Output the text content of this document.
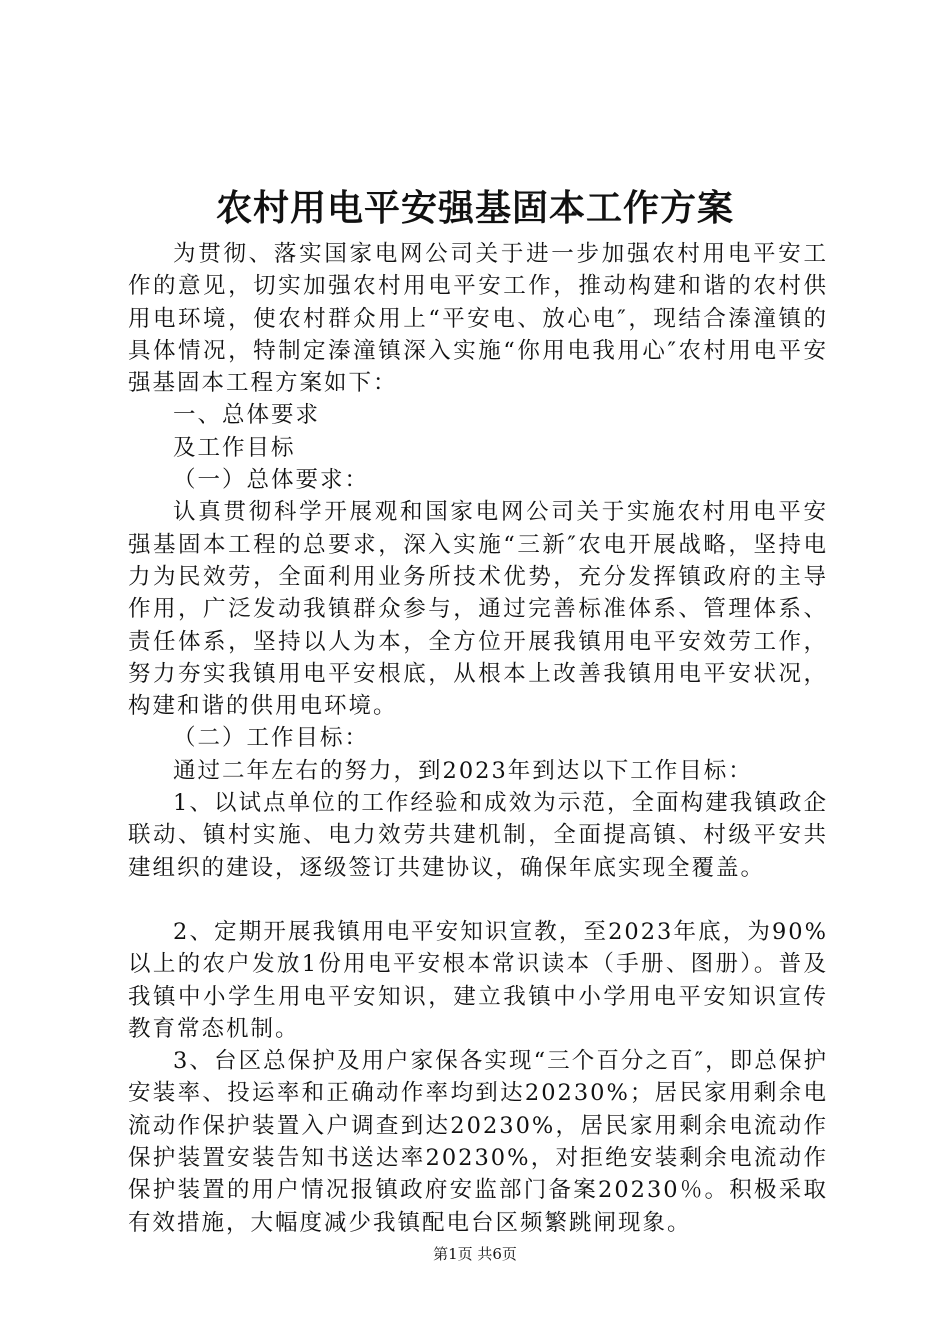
农村用电平安强基固本工作方案

为贯彻、落实国家电网公司关于进一步加强农村用电平安工作的意见，切实加强农村用电平安工作，推动构建和谐的农村供用电环境，使农村群众用上“平安电、放心电″，现结合溱潼镇的具体情况，特制定溱潼镇深入实施“你用电我用心″农村用电平安强基固本工程方案如下：

一、总体要求

及工作目标

（一）总体要求：

认真贯彻科学开展观和国家电网公司关于实施农村用电平安强基固本工程的总要求，深入实施“三新″农电开展战略，坚持电力为民效劳，全面利用业务所技术优势，充分发挥镇政府的主导作用，广泛发动我镇群众参与，通过完善标准体系、管理体系、责任体系，坚持以人为本，全方位开展我镇用电平安效劳工作，努力夯实我镇用电平安根底，从根本上改善我镇用电平安状况，构建和谐的供用电环境。

（二）工作目标：

通过二年左右的努力，到2023年到达以下工作目标：

1、以试点单位的工作经验和成效为示范，全面构建我镇政企联动、镇村实施、电力效劳共建机制，全面提高镇、村级平安共建组织的建设，逐级签订共建协议，确保年底实现全覆盖。

2、定期开展我镇用电平安知识宣教，至2023年底，为90%以上的农户发放1份用电平安根本常识读本（手册、图册）。普及我镇中小学生用电平安知识，建立我镇中小学用电平安知识宣传教育常态机制。

3、台区总保护及用户家保各实现“三个百分之百″，即总保护安装率、投运率和正确动作率均到达20230%；居民家用剩余电流动作保护装置入户调查到达20230%，居民家用剩余电流动作保护装置安装告知书送达率20230%，对拒绝安装剩余电流动作保护装置的用户情况报镇政府安监部门备案20230％。积极采取有效措施，大幅度减少我镇配电台区频繁跳闸现象。

第1页 共6页
